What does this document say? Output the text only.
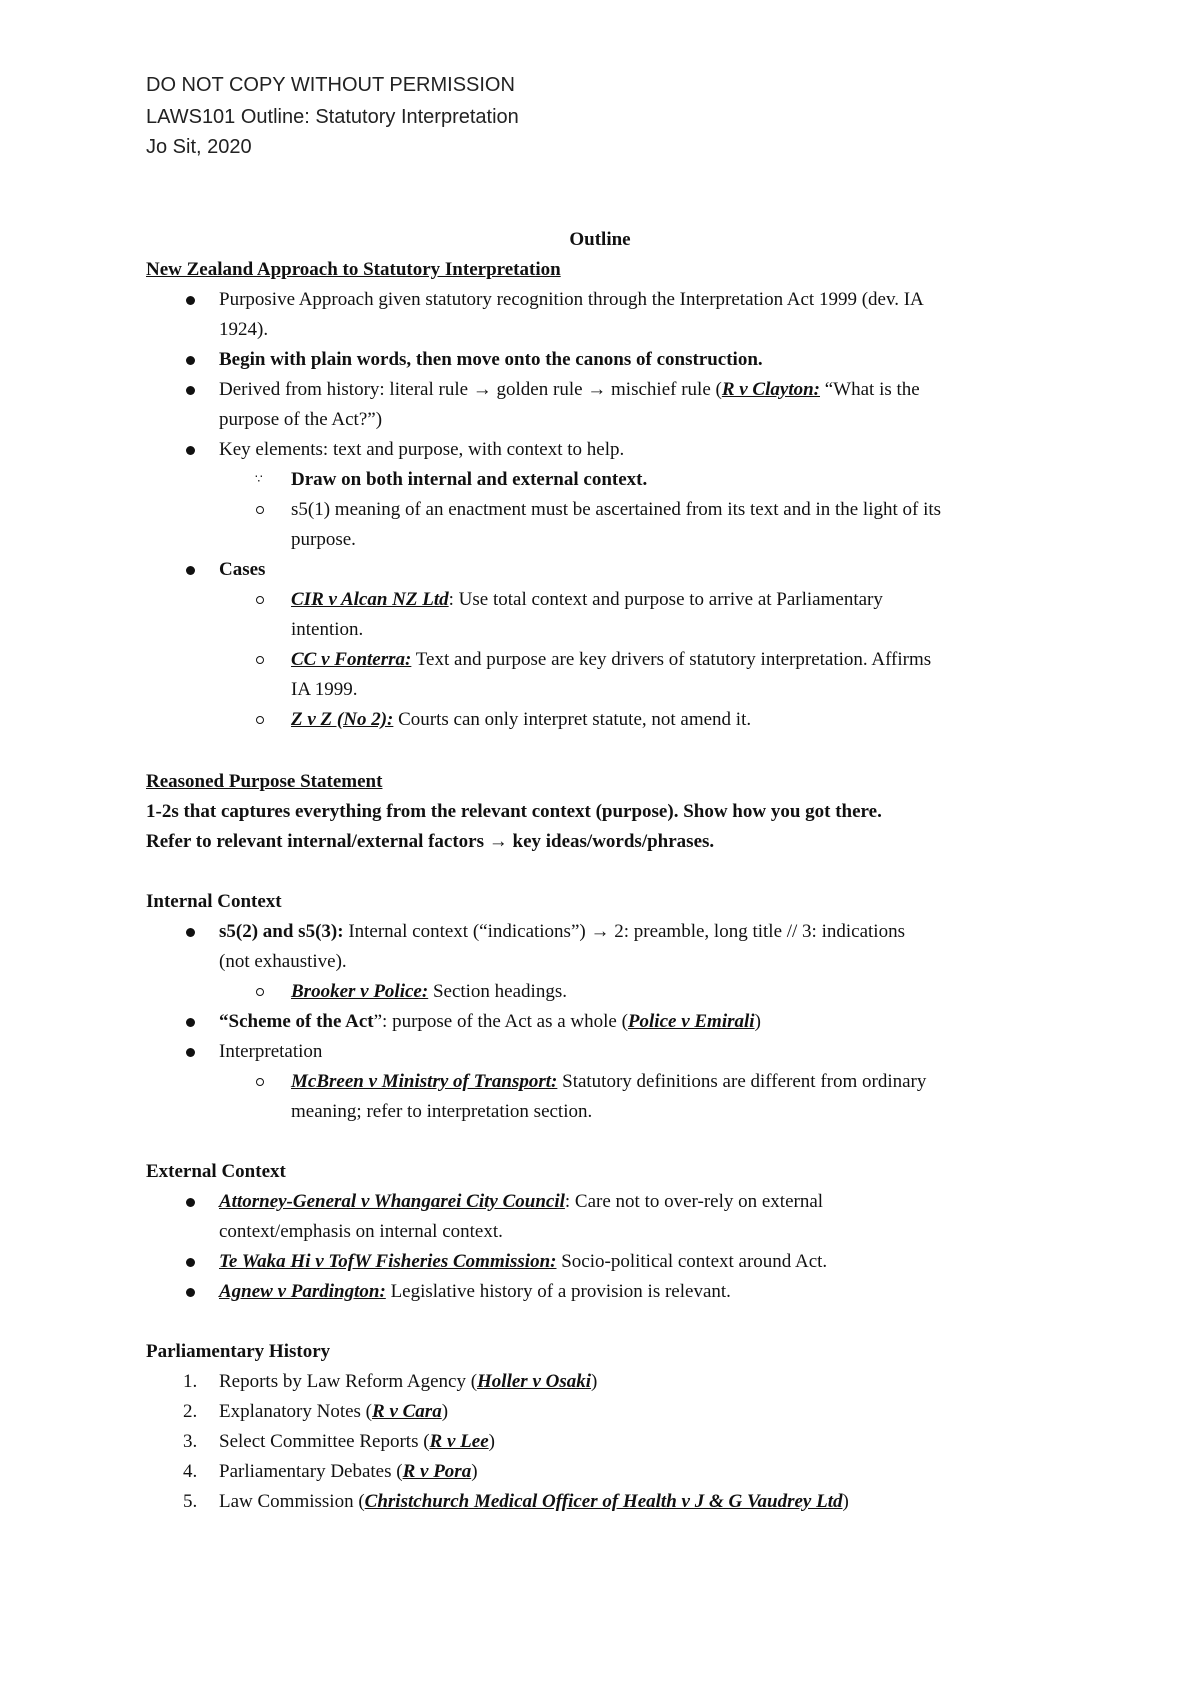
DO NOT COPY WITHOUT PERMISSION
LAWS101 Outline: Statutory Interpretation
Jo Sit, 2020
Outline
New Zealand Approach to Statutory Interpretation
Purposive Approach given statutory recognition through the Interpretation Act 1999 (dev. IA
1924).
Begin with plain words, then move onto the canons of construction.
Derived from history: literal rule → golden rule → mischief rule (R v Clayton: “What is the
purpose of the Act?”)
Key elements: text and purpose, with context to help.
∵ Draw on both internal and external context.
s5(1) meaning of an enactment must be ascertained from its text and in the light of its
purpose.
Cases
CIR v Alcan NZ Ltd: Use total context and purpose to arrive at Parliamentary
intention.
CC v Fonterra: Text and purpose are key drivers of statutory interpretation. Affirms
IA 1999.
Z v Z (No 2): Courts can only interpret statute, not amend it.
Reasoned Purpose Statement
1-2s that captures everything from the relevant context (purpose). Show how you got there.
Refer to relevant internal/external factors → key ideas/words/phrases.
Internal Context
s5(2) and s5(3): Internal context (“indications”) → 2: preamble, long title // 3: indications
(not exhaustive).
Brooker v Police: Section headings.
“Scheme of the Act”: purpose of the Act as a whole (Police v Emirali)
Interpretation
McBreen v Ministry of Transport: Statutory definitions are different from ordinary
meaning; refer to interpretation section.
External Context
Attorney-General v Whangarei City Council: Care not to over-rely on external
context/emphasis on internal context.
Te Waka Hi v TofW Fisheries Commission: Socio-political context around Act.
Agnew v Pardington: Legislative history of a provision is relevant.
Parliamentary History
1. Reports by Law Reform Agency (Holler v Osaki)
2. Explanatory Notes (R v Cara)
3. Select Committee Reports (R v Lee)
4. Parliamentary Debates (R v Pora)
5. Law Commission (Christchurch Medical Officer of Health v J & G Vaudrey Ltd)
